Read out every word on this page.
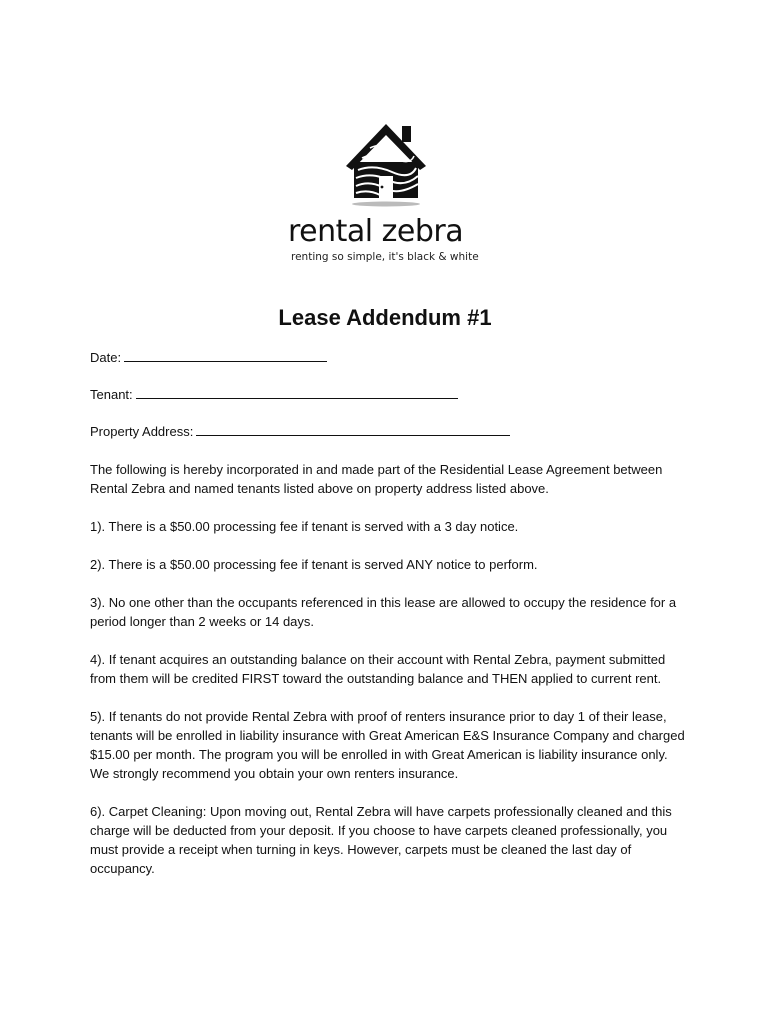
rental zebra
renting so simple, it's black & white
Lease Addendum #1

Date:

Tenant:

Property Address:

The following is hereby incorporated in and made part of the Residential Lease Agreement between Rental Zebra and named tenants listed above on property address listed above.

1). There is a $50.00 processing fee if tenant is served with a 3 day notice.

2). There is a $50.00 processing fee if tenant is served ANY notice to perform.

3). No one other than the occupants referenced in this lease are allowed to occupy the residence for a period longer than 2 weeks or 14 days.

4). If tenant acquires an outstanding balance on their account with Rental Zebra, payment submitted from them will be credited FIRST toward the outstanding balance and THEN applied to current rent.

5). If tenants do not provide Rental Zebra with proof of renters insurance prior to day 1 of their lease, tenants will be enrolled in liability insurance with Great American E&S Insurance Company and charged $15.00 per month. The program you will be enrolled in with Great American is liability insurance only. We strongly recommend you obtain your own renters insurance.

6). Carpet Cleaning: Upon moving out, Rental Zebra will have carpets professionally cleaned and this charge will be deducted from your deposit. If you choose to have carpets cleaned professionally, you must provide a receipt when turning in keys. However, carpets must be cleaned the last day of occupancy.
